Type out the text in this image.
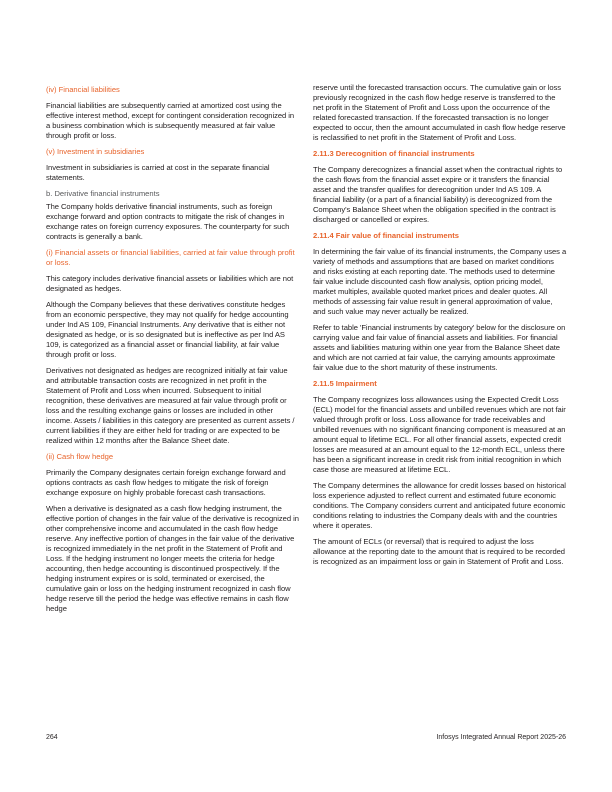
(iv) Financial liabilities

Financial liabilities are subsequently carried at amortized cost using the effective interest method, except for contingent consideration recognized in a business combination which is subsequently measured at fair value through profit or loss.

(v) Investment in subsidiaries

Investment in subsidiaries is carried at cost in the separate financial statements.

b. Derivative financial instruments

The Company holds derivative financial instruments, such as foreign exchange forward and option contracts to mitigate the risk of changes in exchange rates on foreign currency exposures. The counterparty for such contracts is generally a bank.

(i) Financial assets or financial liabilities, carried at fair value through profit or loss.

This category includes derivative financial assets or liabilities which are not designated as hedges.

Although the Company believes that these derivatives constitute hedges from an economic perspective, they may not qualify for hedge accounting under Ind AS 109, Financial Instruments. Any derivative that is either not designated as hedge, or is so designated but is ineffective as per Ind AS 109, is categorized as a financial asset or financial liability, at fair value through profit or loss.

Derivatives not designated as hedges are recognized initially at fair value and attributable transaction costs are recognized in net profit in the Statement of Profit and Loss when incurred. Subsequent to initial recognition, these derivatives are measured at fair value through profit or loss and the resulting exchange gains or losses are included in other income. Assets / liabilities in this category are presented as current assets / current liabilities if they are either held for trading or are expected to be realized within 12 months after the Balance Sheet date.

(ii) Cash flow hedge

Primarily the Company designates certain foreign exchange forward and options contracts as cash flow hedges to mitigate the risk of foreign exchange exposure on highly probable forecast cash transactions.

When a derivative is designated as a cash flow hedging instrument, the effective portion of changes in the fair value of the derivative is recognized in other comprehensive income and accumulated in the cash flow hedge reserve. Any ineffective portion of changes in the fair value of the derivative is recognized immediately in the net profit in the Statement of Profit and Loss. If the hedging instrument no longer meets the criteria for hedge accounting, then hedge accounting is discontinued prospectively. If the hedging instrument expires or is sold, terminated or exercised, the cumulative gain or loss on the hedging instrument recognized in cash flow hedge reserve till the period the hedge was effective remains in cash flow hedge

reserve until the forecasted transaction occurs. The cumulative gain or loss previously recognized in the cash flow hedge reserve is transferred to the net profit in the Statement of Profit and Loss upon the occurrence of the related forecasted transaction. If the forecasted transaction is no longer expected to occur, then the amount accumulated in cash flow hedge reserve is reclassified to net profit in the Statement of Profit and Loss.

2.11.3 Derecognition of financial instruments

The Company derecognizes a financial asset when the contractual rights to the cash flows from the financial asset expire or it transfers the financial asset and the transfer qualifies for derecognition under Ind AS 109. A financial liability (or a part of a financial liability) is derecognized from the Company's Balance Sheet when the obligation specified in the contract is discharged or cancelled or expires.

2.11.4 Fair value of financial instruments

In determining the fair value of its financial instruments, the Company uses a variety of methods and assumptions that are based on market conditions and risks existing at each reporting date. The methods used to determine fair value include discounted cash flow analysis, option pricing model, market multiples, available quoted market prices and dealer quotes. All methods of assessing fair value result in general approximation of value, and such value may never actually be realized.

Refer to table 'Financial instruments by category' below for the disclosure on carrying value and fair value of financial assets and liabilities. For financial assets and liabilities maturing within one year from the Balance Sheet date and which are not carried at fair value, the carrying amounts approximate fair value due to the short maturity of these instruments.

2.11.5 Impairment

The Company recognizes loss allowances using the Expected Credit Loss (ECL) model for the financial assets and unbilled revenues which are not fair valued through profit or loss. Loss allowance for trade receivables and unbilled revenues with no significant financing component is measured at an amount equal to lifetime ECL. For all other financial assets, expected credit losses are measured at an amount equal to the 12-month ECL, unless there has been a significant increase in credit risk from initial recognition in which case those are measured at lifetime ECL.

The Company determines the allowance for credit losses based on historical loss experience adjusted to reflect current and estimated future economic conditions. The Company considers current and anticipated future economic conditions relating to industries the Company deals with and the countries where it operates.

The amount of ECLs (or reversal) that is required to adjust the loss allowance at the reporting date to the amount that is required to be recorded is recognized as an impairment loss or gain in Statement of Profit and Loss.

264	Infosys Integrated Annual Report 2025-26
